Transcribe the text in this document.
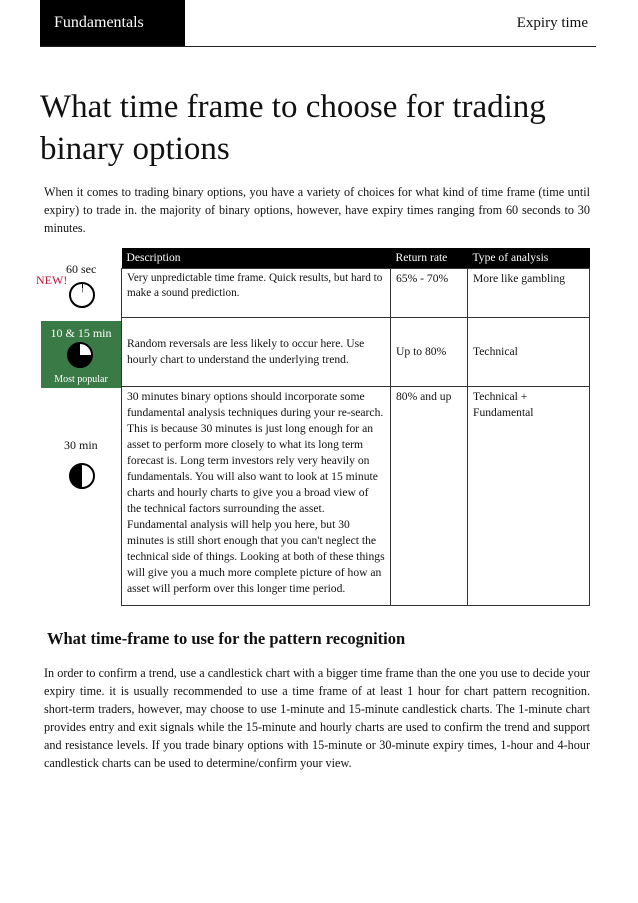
Fundamentals	Expiry time
What time frame to choose for trading binary options

When it comes to trading binary options, you have a variety of choices for what kind of time frame (time until expiry) to trade in. the majority of binary options, however, have expiry times ranging from 60 seconds to 30 minutes.

60 sec
NEW!
10 & 15 min
Most popular
30 min
Description	Return rate	Type of analysis
Very unpredictable time frame. Quick results, but hard to make a sound prediction.	65% - 70%	More like gambling
Random reversals are less likely to occur here. Use hourly chart to understand the underlying trend.	Up to 80%	Technical
30 minutes binary options should incorporate some fundamental analysis techniques during your re-search. This is because 30 minutes is just long enough for an asset to perform more closely to what its long term forecast is. Long term investors rely very heavily on fundamentals. You will also want to look at 15 minute charts and hourly charts to give you a broad view of the technical factors surrounding the asset. Fundamental analysis will help you here, but 30 minutes is still short enough that you can't neglect the technical side of things. Looking at both of these things will give you a much more complete picture of how an asset will perform over this longer time period.	80% and up	Technical + Fundamental
What time-frame to use for the pattern recognition

In order to confirm a trend, use a candlestick chart with a bigger time frame than the one you use to decide your expiry time. it is usually recommended to use a time frame of at least 1 hour for chart pattern recognition. short-term traders, however, may choose to use 1-minute and 15-minute candlestick charts. The 1-minute chart provides entry and exit signals while the 15-minute and hourly charts are used to confirm the trend and support and resistance levels. If you trade binary options with 15-minute or 30-minute expiry times, 1-hour and 4-hour candlestick charts can be used to determine/confirm your view.
